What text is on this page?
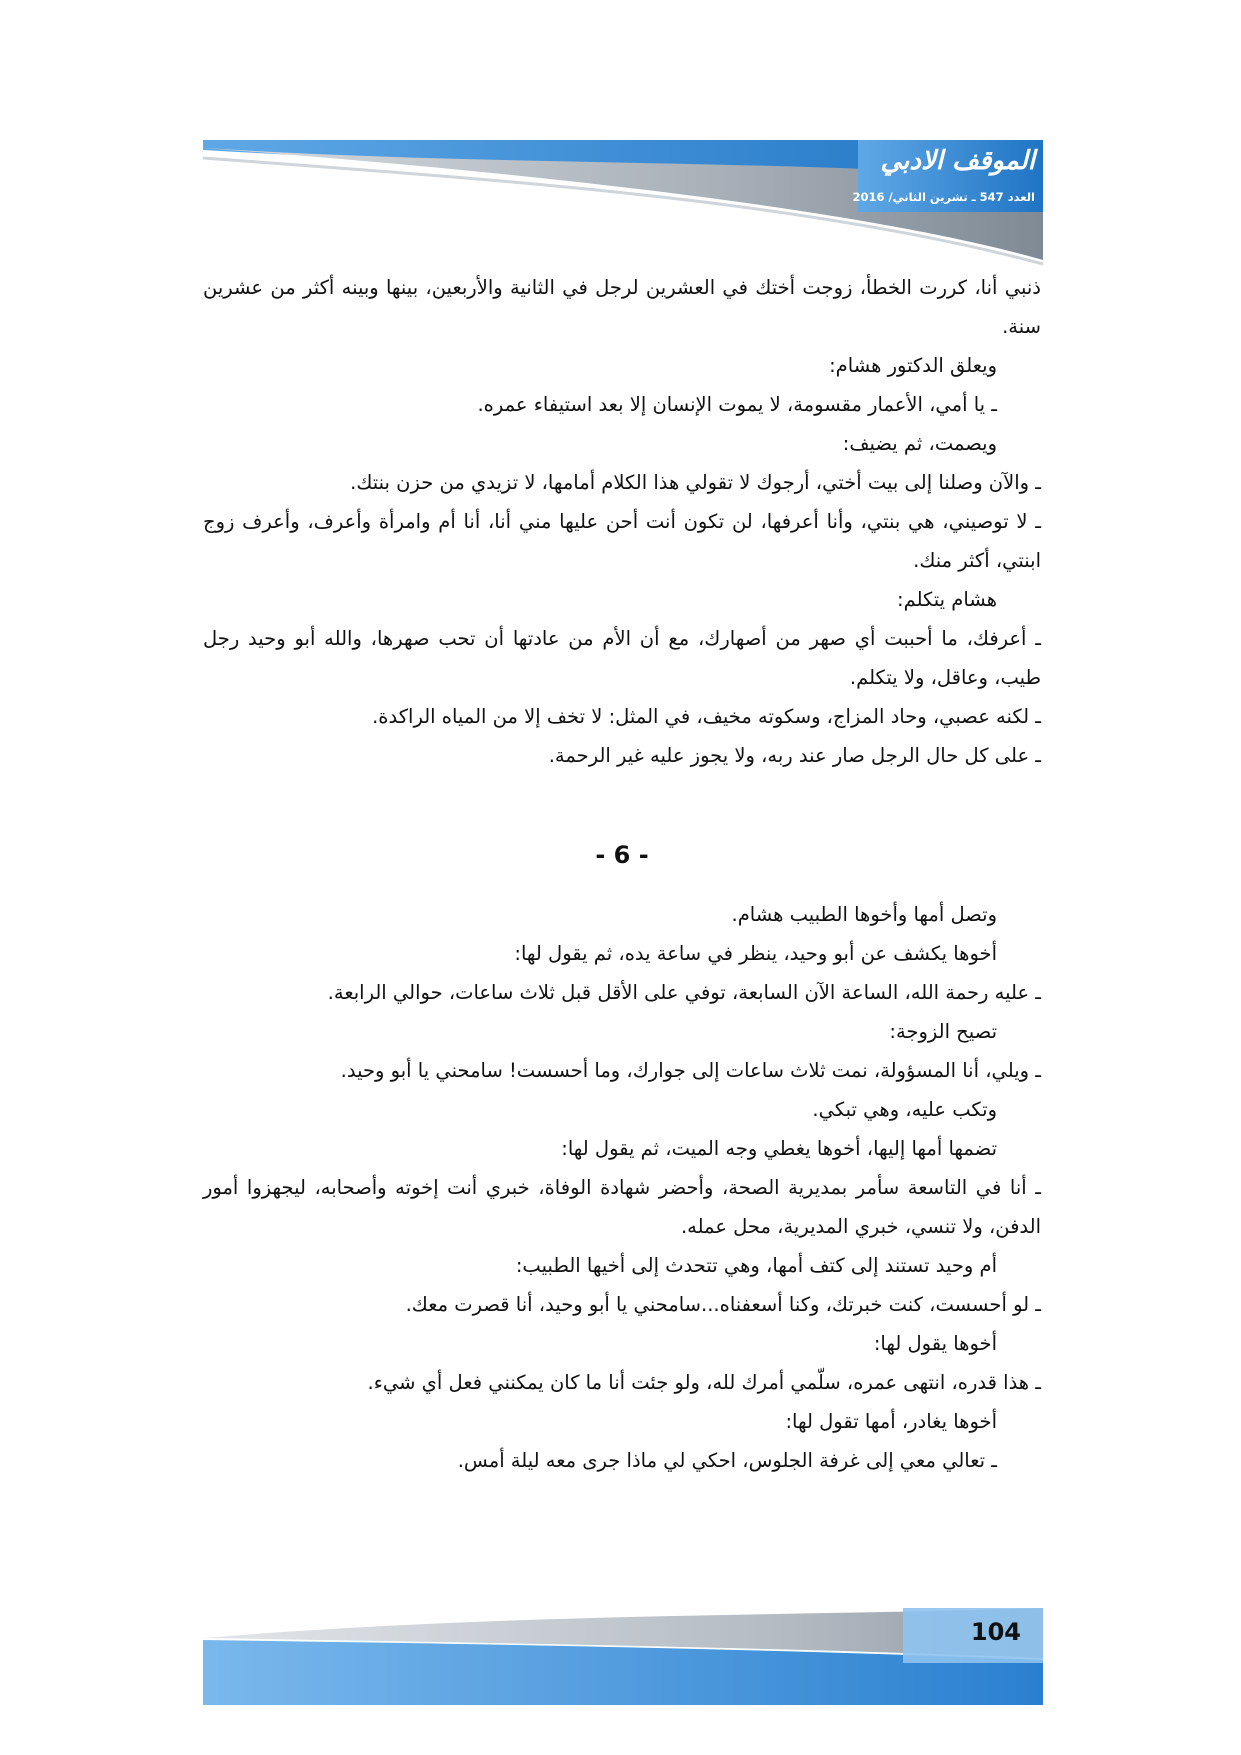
الموقف الادبي
العدد 547 ـ تشرين الثاني/ 2016

ذنبي أنا، كررت الخطأ، زوجت أختك في العشرين لرجل في الثانية والأربعين، بينها وبينه أكثر من عشرين سنة.

ويعلق الدكتور هشام:

ـ يا أمي، الأعمار مقسومة، لا يموت الإنسان إلا بعد استيفاء عمره.

ويصمت، ثم يضيف:

ـ والآن وصلنا إلى بيت أختي، أرجوك لا تقولي هذا الكلام أمامها، لا تزيدي من حزن بنتك.

ـ لا توصيني، هي بنتي، وأنا أعرفها، لن تكون أنت أحن عليها مني أنا، أنا أم وامرأة وأعرف، وأعرف زوج ابنتي، أكثر منك.

هشام يتكلم:

ـ أعرفك، ما أحببت أي صهر من أصهارك، مع أن الأم من عادتها أن تحب صهرها، والله أبو وحيد رجل طيب، وعاقل، ولا يتكلم.

ـ لكنه عصبي، وحاد المزاج، وسكوته مخيف، في المثل: لا تخف إلا من المياه الراكدة.

ـ على كل حال الرجل صار عند ربه، ولا يجوز عليه غير الرحمة.

- 6 -

وتصل أمها وأخوها الطبيب هشام.

أخوها يكشف عن أبو وحيد، ينظر في ساعة يده، ثم يقول لها:

ـ عليه رحمة الله، الساعة الآن السابعة، توفي على الأقل قبل ثلاث ساعات، حوالي الرابعة.

تصيح الزوجة:

ـ ويلي، أنا المسؤولة، نمت ثلاث ساعات إلى جوارك، وما أحسست! سامحني يا أبو وحيد.

وتكب عليه، وهي تبكي.

تضمها أمها إليها، أخوها يغطي وجه الميت، ثم يقول لها:

ـ أنا في التاسعة سأمر بمديرية الصحة، وأحضر شهادة الوفاة، خبري أنت إخوته وأصحابه، ليجهزوا أمور الدفن، ولا تنسي، خبري المديرية، محل عمله.

أم وحيد تستند إلى كتف أمها، وهي تتحدث إلى أخيها الطبيب:

ـ لو أحسست، كنت خبرتك، وكنا أسعفناه...سامحني يا أبو وحيد، أنا قصرت معك.

أخوها يقول لها:

ـ هذا قدره، انتهى عمره، سلّمي أمرك لله، ولو جئت أنا ما كان يمكنني فعل أي شيء.

أخوها يغادر، أمها تقول لها:

ـ تعالي معي إلى غرفة الجلوس، احكي لي ماذا جرى معه ليلة أمس.

104
